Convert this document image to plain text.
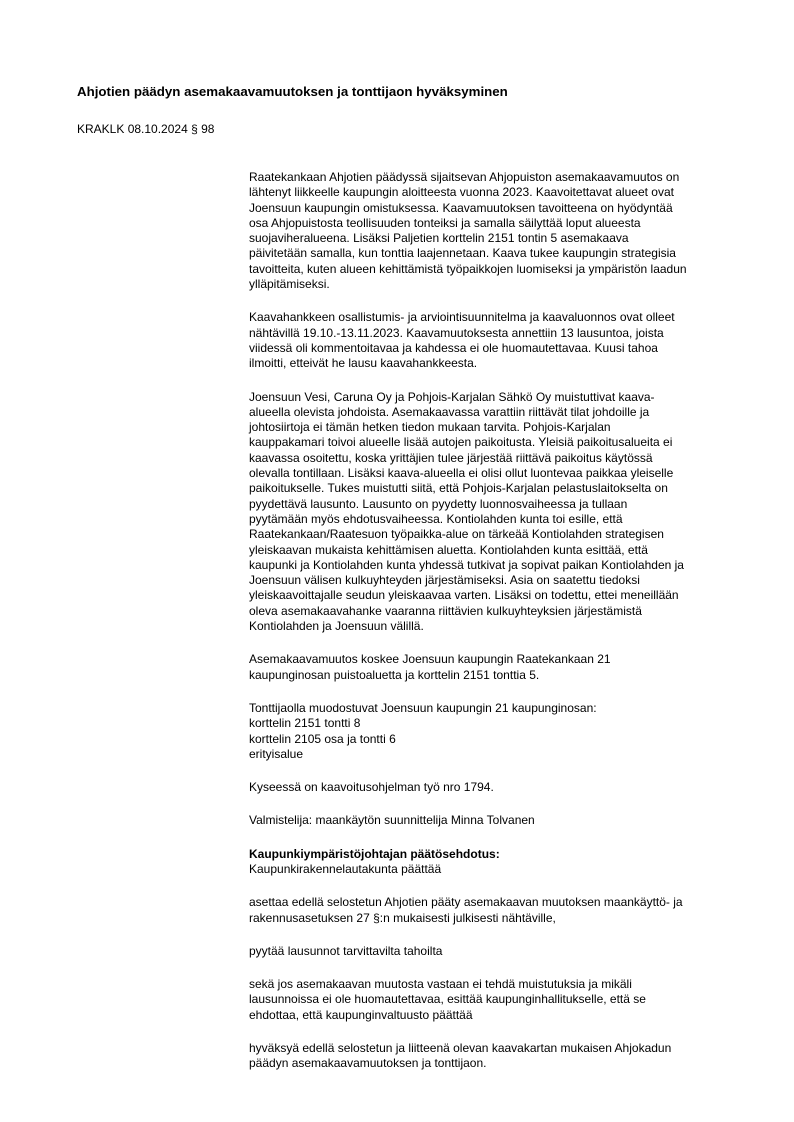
Ahjotien päädyn asemakaavamuutoksen ja tonttijaon hyväksyminen
KRAKLK 08.10.2024 § 98
Raatekankaan Ahjotien päädyssä sijaitsevan Ahjopuiston asemakaavamuutos on
lähtenyt liikkeelle kaupungin aloitteesta vuonna 2023. Kaavoitettavat alueet ovat
Joensuun kaupungin omistuksessa. Kaavamuutoksen tavoitteena on hyödyntää
osa Ahjopuistosta teollisuuden tonteiksi ja samalla säilyttää loput alueesta
suojaviheralueena. Lisäksi Paljetien korttelin 2151 tontin 5 asemakaava
päivitetään samalla, kun tonttia laajennetaan. Kaava tukee kaupungin strategisia
tavoitteita, kuten alueen kehittämistä työpaikkojen luomiseksi ja ympäristön laadun
ylläpitämiseksi.
Kaavahankkeen osallistumis- ja arviointisuunnitelma ja kaavaluonnos ovat olleet
nähtävillä 19.10.-13.11.2023. Kaavamuutoksesta annettiin 13 lausuntoa, joista
viidessä oli kommentoitavaa ja kahdessa ei ole huomautettavaa. Kuusi tahoa
ilmoitti, etteivät he lausu kaavahankkeesta.
Joensuun Vesi, Caruna Oy ja Pohjois-Karjalan Sähkö Oy muistuttivat kaava-
alueella olevista johdoista. Asemakaavassa varattiin riittävät tilat johdoille ja
johtosiirtoja ei tämän hetken tiedon mukaan tarvita. Pohjois-Karjalan
kauppakamari toivoi alueelle lisää autojen paikoitusta. Yleisiä paikoitusalueita ei
kaavassa osoitettu, koska yrittäjien tulee järjestää riittävä paikoitus käytössä
olevalla tontillaan. Lisäksi kaava-alueella ei olisi ollut luontevaa paikkaa yleiselle
paikoitukselle. Tukes muistutti siitä, että Pohjois-Karjalan pelastuslaitokselta on
pyydettävä lausunto. Lausunto on pyydetty luonnosvaiheessa ja tullaan
pyytämään myös ehdotusvaiheessa. Kontiolahden kunta toi esille, että
Raatekankaan/Raatesuon työpaikka-alue on tärkeää Kontiolahden strategisen
yleiskaavan mukaista kehittämisen aluetta. Kontiolahden kunta esittää, että
kaupunki ja Kontiolahden kunta yhdessä tutkivat ja sopivat paikan Kontiolahden ja
Joensuun välisen kulkuyhteyden järjestämiseksi. Asia on saatettu tiedoksi
yleiskaavoittajalle seudun yleiskaavaa varten. Lisäksi on todettu, ettei meneillään
oleva asemakaavahanke vaaranna riittävien kulkuyhteyksien järjestämistä
Kontiolahden ja Joensuun välillä.
Asemakaavamuutos koskee Joensuun kaupungin Raatekankaan 21
kaupunginosan puistoaluetta ja korttelin 2151 tonttia 5.
Tonttijaolla muodostuvat Joensuun kaupungin 21 kaupunginosan:
korttelin 2151 tontti 8
korttelin 2105 osa ja tontti 6
erityisalue
Kyseessä on kaavoitusohjelman työ nro 1794.
Valmistelija: maankäytön suunnittelija Minna Tolvanen
Kaupunkiympäristöjohtajan päätösehdotus:
Kaupunkirakennelautakunta päättää
asettaa edellä selostetun Ahjotien pääty asemakaavan muutoksen maankäyttö- ja
rakennusasetuksen 27 §:n mukaisesti julkisesti nähtäville,
pyytää lausunnot tarvittavilta tahoilta
sekä jos asemakaavan muutosta vastaan ei tehdä muistutuksia ja mikäli
lausunnoissa ei ole huomautettavaa, esittää kaupunginhallitukselle, että se
ehdottaa, että kaupunginvaltuusto päättää
hyväksyä edellä selostetun ja liitteenä olevan kaavakartan mukaisen Ahjokadun
päädyn asemakaavamuutoksen ja tonttijaon.
